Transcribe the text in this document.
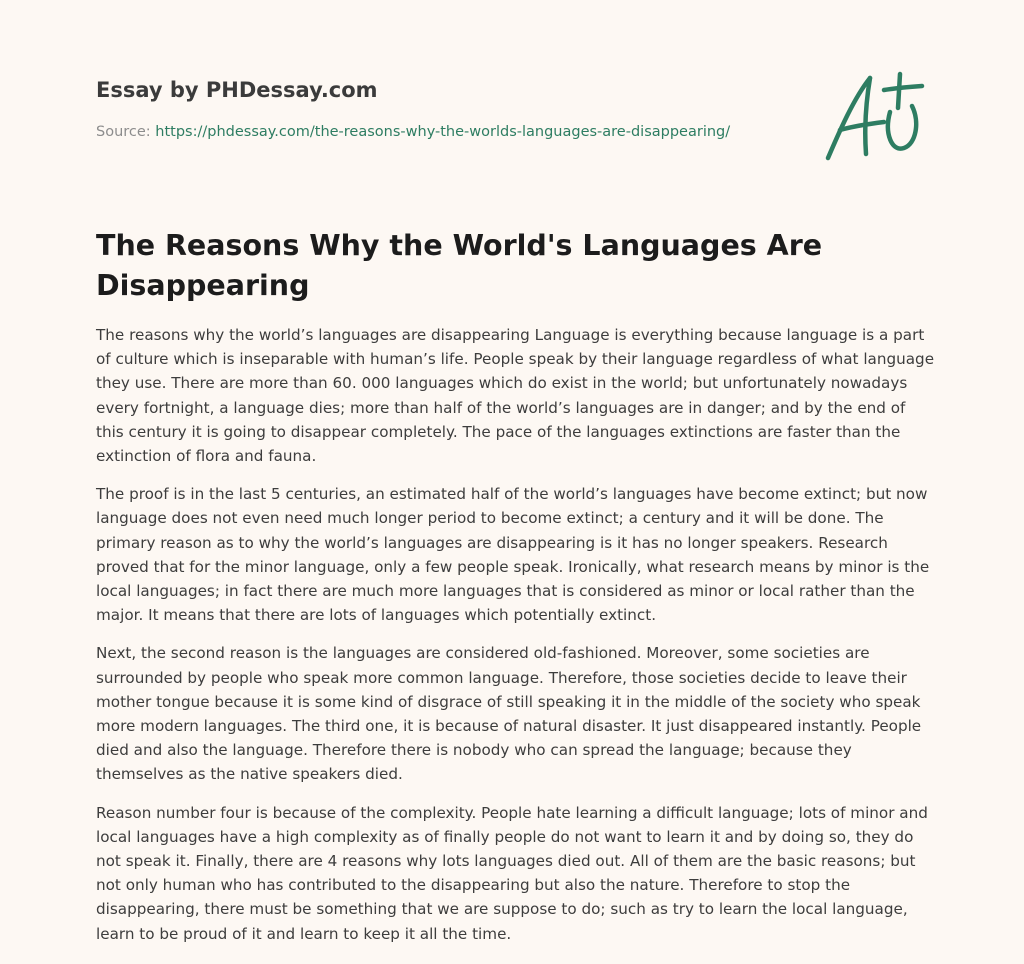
Essay by PHDessay.com
Source: https://phdessay.com/the-reasons-why-the-worlds-languages-are-disappearing/
The Reasons Why the World's Languages Are Disappearing

The reasons why the world’s languages are disappearing Language is everything because language is a part of culture which is inseparable with human’s life. People speak by their language regardless of what language they use. There are more than 60. 000 languages which do exist in the world; but unfortunately nowadays every fortnight, a language dies; more than half of the world’s languages are in danger; and by the end of this century it is going to disappear completely. The pace of the languages extinctions are faster than the extinction of flora and fauna.

The proof is in the last 5 centuries, an estimated half of the world’s languages have become extinct; but now language does not even need much longer period to become extinct; a century and it will be done. The primary reason as to why the world’s languages are disappearing is it has no longer speakers. Research proved that for the minor language, only a few people speak. Ironically, what research means by minor is the local languages; in fact there are much more languages that is considered as minor or local rather than the major. It means that there are lots of languages which potentially extinct.

Next, the second reason is the languages are considered old-fashioned. Moreover, some societies are surrounded by people who speak more common language. Therefore, those societies decide to leave their mother tongue because it is some kind of disgrace of still speaking it in the middle of the society who speak more modern languages. The third one, it is because of natural disaster. It just disappeared instantly. People died and also the language. Therefore there is nobody who can spread the language; because they themselves as the native speakers died.

Reason number four is because of the complexity. People hate learning a difficult language; lots of minor and local languages have a high complexity as of finally people do not want to learn it and by doing so, they do not speak it. Finally, there are 4 reasons why lots languages died out. All of them are the basic reasons; but not only human who has contributed to the disappearing but also the nature. Therefore to stop the disappearing, there must be something that we are suppose to do; such as try to learn the local language, learn to be proud of it and learn to keep it all the time.
